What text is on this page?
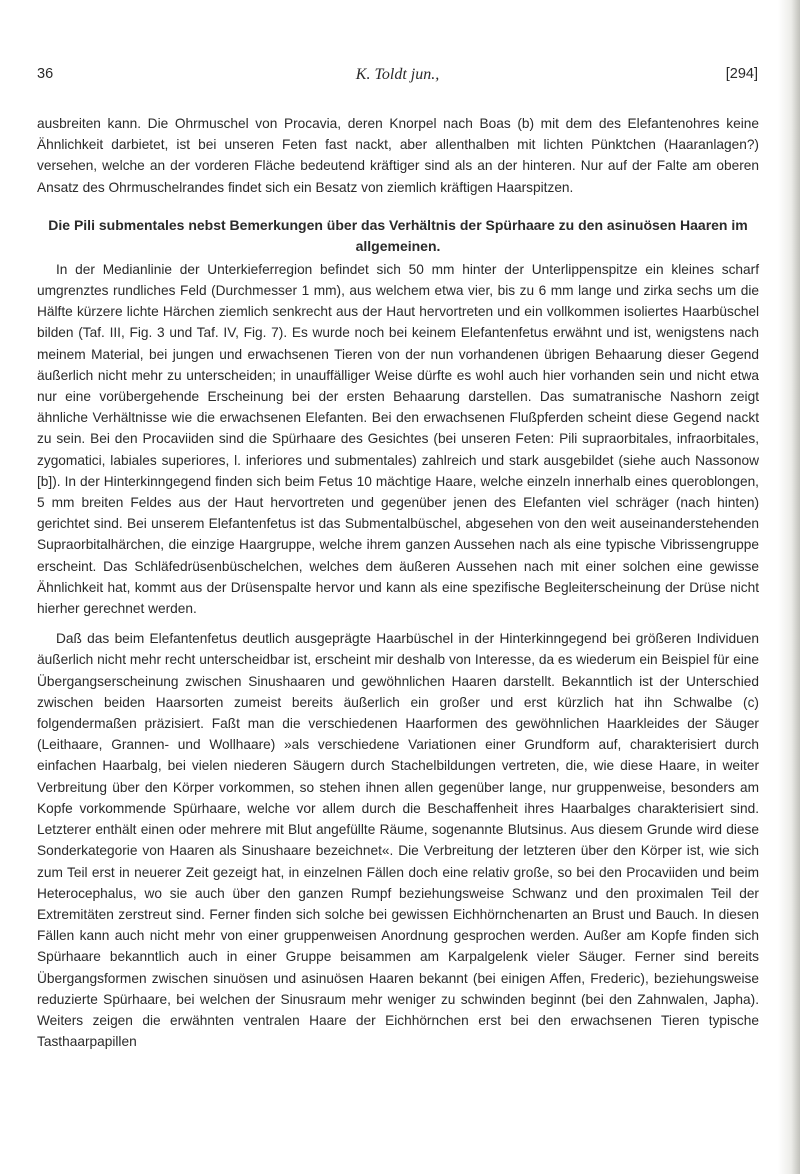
36	K. Toldt jun.,	[294]

ausbreiten kann. Die Ohrmuschel von Procavia, deren Knorpel nach Boas (b) mit dem des Elefantenohres keine Ähnlichkeit darbietet, ist bei unseren Feten fast nackt, aber allenthalben mit lichten Pünktchen (Haaranlagen?) versehen, welche an der vorderen Fläche bedeutend kräftiger sind als an der hinteren. Nur auf der Falte am oberen Ansatz des Ohrmuschelrandes findet sich ein Besatz von ziemlich kräftigen Haarspitzen.

Die Pili submentales nebst Bemerkungen über das Verhältnis der Spürhaare zu den asinuösen Haaren im allgemeinen.

In der Medianlinie der Unterkieferregion befindet sich 50 mm hinter der Unterlippenspitze ein kleines scharf umgrenztes rundliches Feld (Durchmesser 1 mm), aus welchem etwa vier, bis zu 6 mm lange und zirka sechs um die Hälfte kürzere lichte Härchen ziemlich senkrecht aus der Haut hervortreten und ein vollkommen isoliertes Haarbüschel bilden (Taf. III, Fig. 3 und Taf. IV, Fig. 7). Es wurde noch bei keinem Elefantenfetus erwähnt und ist, wenigstens nach meinem Material, bei jungen und erwachsenen Tieren von der nun vorhandenen übrigen Behaarung dieser Gegend äußerlich nicht mehr zu unterscheiden; in unauffälliger Weise dürfte es wohl auch hier vorhanden sein und nicht etwa nur eine vorübergehende Erscheinung bei der ersten Behaarung darstellen. Das sumatranische Nashorn zeigt ähnliche Verhältnisse wie die erwachsenen Elefanten. Bei den erwachsenen Flußpferden scheint diese Gegend nackt zu sein. Bei den Procaviiden sind die Spürhaare des Gesichtes (bei unseren Feten: Pili supraorbitales, infraorbitales, zygomatici, labiales superiores, l. inferiores und submentales) zahlreich und stark ausgebildet (siehe auch Nassonow [b]). In der Hinterkinngegend finden sich beim Fetus 10 mächtige Haare, welche einzeln innerhalb eines queroblongen, 5 mm breiten Feldes aus der Haut hervortreten und gegenüber jenen des Elefanten viel schräger (nach hinten) gerichtet sind. Bei unserem Elefantenfetus ist das Submentalbüschel, abgesehen von den weit auseinanderstehenden Supraorbitalhärchen, die einzige Haargruppe, welche ihrem ganzen Aussehen nach als eine typische Vibrissengruppe erscheint. Das Schläfedrüsenbüschelchen, welches dem äußeren Aussehen nach mit einer solchen eine gewisse Ähnlichkeit hat, kommt aus der Drüsenspalte hervor und kann als eine spezifische Begleiterscheinung der Drüse nicht hierher gerechnet werden.

Daß das beim Elefantenfetus deutlich ausgeprägte Haarbüschel in der Hinterkinngegend bei größeren Individuen äußerlich nicht mehr recht unterscheidbar ist, erscheint mir deshalb von Interesse, da es wiederum ein Beispiel für eine Übergangserscheinung zwischen Sinushaaren und gewöhnlichen Haaren darstellt. Bekanntlich ist der Unterschied zwischen beiden Haarsorten zumeist bereits äußerlich ein großer und erst kürzlich hat ihn Schwalbe (c) folgendermaßen präzisiert. Faßt man die verschiedenen Haarformen des gewöhnlichen Haarkleides der Säuger (Leithaare, Grannen- und Wollhaare) »als verschiedene Variationen einer Grundform auf, charakterisiert durch einfachen Haarbalg, bei vielen niederen Säugern durch Stachelbildungen vertreten, die, wie diese Haare, in weiter Verbreitung über den Körper vorkommen, so stehen ihnen allen gegenüber lange, nur gruppenweise, besonders am Kopfe vorkommende Spürhaare, welche vor allem durch die Beschaffenheit ihres Haarbalges charakterisiert sind. Letzterer enthält einen oder mehrere mit Blut angefüllte Räume, sogenannte Blutsinus. Aus diesem Grunde wird diese Sonderkategorie von Haaren als Sinushaare bezeichnet«. Die Verbreitung der letzteren über den Körper ist, wie sich zum Teil erst in neuerer Zeit gezeigt hat, in einzelnen Fällen doch eine relativ große, so bei den Procaviiden und beim Heterocephalus, wo sie auch über den ganzen Rumpf beziehungsweise Schwanz und den proximalen Teil der Extremitäten zerstreut sind. Ferner finden sich solche bei gewissen Eichhörnchenarten an Brust und Bauch. In diesen Fällen kann auch nicht mehr von einer gruppenweisen Anordnung gesprochen werden. Außer am Kopfe finden sich Spürhaare bekanntlich auch in einer Gruppe beisammen am Karpalgelenk vieler Säuger. Ferner sind bereits Übergangsformen zwischen sinuösen und asinuösen Haaren bekannt (bei einigen Affen, Frederic), beziehungsweise reduzierte Spürhaare, bei welchen der Sinusraum mehr weniger zu schwinden beginnt (bei den Zahnwalen, Japha). Weiters zeigen die erwähnten ventralen Haare der Eichhörnchen erst bei den erwachsenen Tieren typische Tasthaarpapillen
